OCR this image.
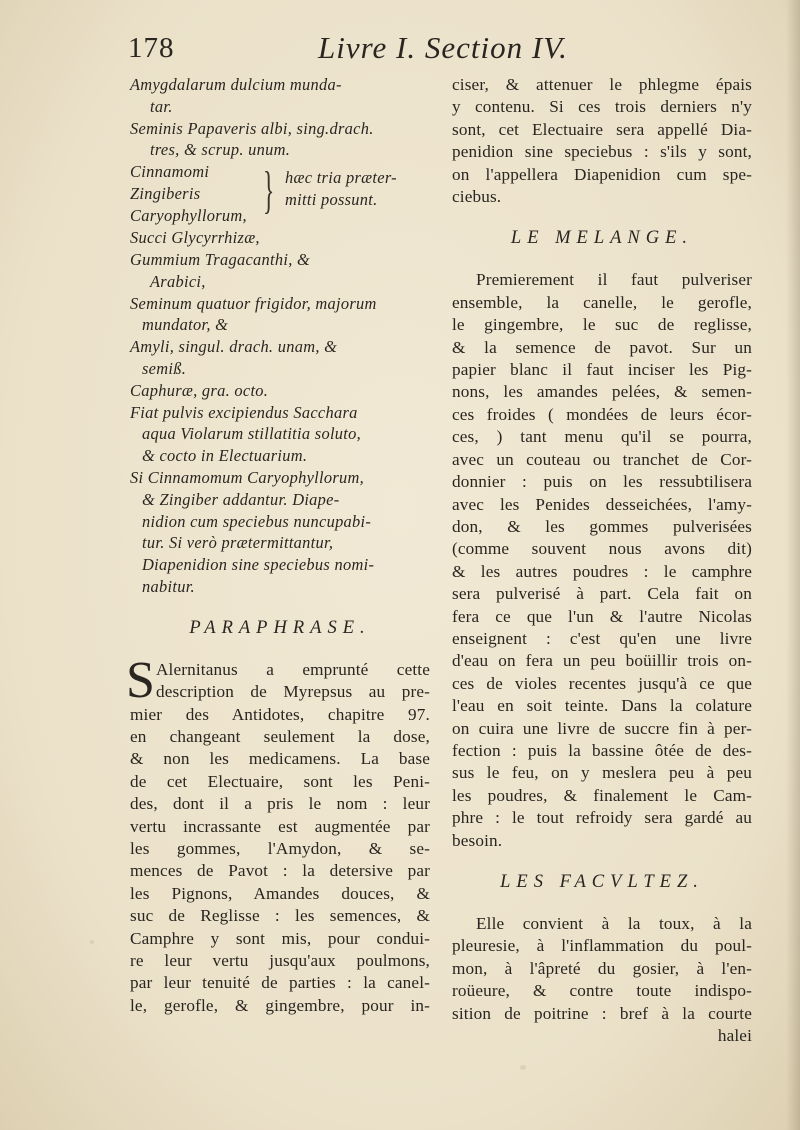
178	Livre I. Section IV.
Amygdalarum dulcium munda-
tar.
Seminis Papaveris albi, sing.drach.
tres, & scrup. unum.
Cinnamomi
Zingiberis
Caryophyllorum, } hæc tria præter-
mitti possunt.
Succi Glycyrrhizæ,
Gummium Tragacanthi, &
Arabici,
Seminum quatuor frigidor, majorum
mundator, &
Amyli, singul. drach. unam, &
semiß.
Caphuræ, gra. octo.
Fiat pulvis excipiendus Sacchara
aqua Violarum stillatitia soluto,
& cocto in Electuarium.
Si Cinnamomum Caryophyllorum,
& Zingiber addantur. Diape-
nidion cum speciebus nuncupabi-
tur. Si verò prætermittantur,
Diapenidion sine speciebus nomi-
nabitur.
PARAPHRASE.
S Alernitanus a emprunté cette
description de Myrepsus au pre-
mier des Antidotes, chapitre 97.
en changeant seulement la dose,
& non les medicamens. La base
de cet Electuaire, sont les Peni-
des, dont il a pris le nom : leur
vertu incrassante est augmentée par
les gommes, l'Amydon, & se-
mences de Pavot : la detersive par
les Pignons, Amandes douces, &
suc de Reglisse : les semences, &
Camphre y sont mis, pour condui-
re leur vertu jusqu'aux poulmons,
par leur tenuité de parties : la canel-
le, gerofle, & gingembre, pour in-
ciser, & attenuer le phlegme épais
y contenu. Si ces trois derniers n'y
sont, cet Electuaire sera appellé Dia-
penidion sine speciebus : s'ils y sont,
on l'appellera Diapenidion cum spe-
ciebus.
LE MELANGE.
Premierement il faut pulveriser
ensemble, la canelle, le gerofle,
le gingembre, le suc de reglisse,
& la semence de pavot. Sur un
papier blanc il faut inciser les Pig-
nons, les amandes pelées, & semen-
ces froides ( mondées de leurs écor-
ces, ) tant menu qu'il se pourra,
avec un couteau ou tranchet de Cor-
donnier : puis on les ressubtilisera
avec les Penides desseichées, l'amy-
don, & les gommes pulverisées
(comme souvent nous avons dit)
& les autres poudres : le camphre
sera pulverisé à part. Cela fait on
fera ce que l'un & l'autre Nicolas
enseignent : c'est qu'en une livre
d'eau on fera un peu boüillir trois on-
ces de violes recentes jusqu'à ce que
l'eau en soit teinte. Dans la colature
on cuira une livre de succre fin à per-
fection : puis la bassine ôtée de des-
sus le feu, on y meslera peu à peu
les poudres, & finalement le Cam-
phre : le tout refroidy sera gardé au
besoin.
LES FACVLTEZ.
Elle convient à la toux, à la
pleuresie, à l'inflammation du poul-
mon, à l'âpreté du gosier, à l'en-
roüeure, & contre toute indispo-
sition de poitrine : bref à la courte
halei
